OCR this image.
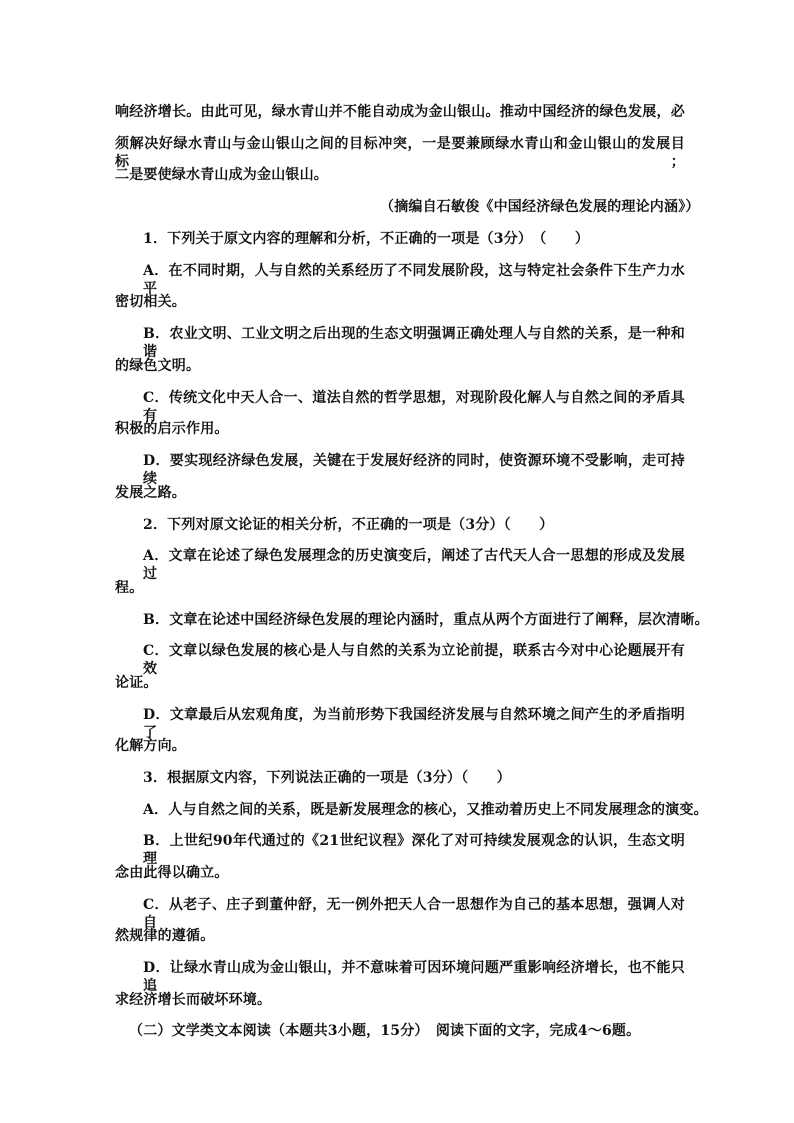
响经济增长。由此可见，绿水青山并不能自动成为金山银山。推动中国经济的绿色发展，必
须解决好绿水青山与金山银山之间的目标冲突，一是要兼顾绿水青山和金山银山的发展目标；
二是要使绿水青山成为金山银山。
（摘编自石敏俊《中国经济绿色发展的理论内涵》）
1．下列关于原文内容的理解和分析，不正确的一项是（3分）　（　　）
A．在不同时期，人与自然的关系经历了不同发展阶段，这与特定社会条件下生产力水平
密切相关。
B．农业文明、工业文明之后出现的生态文明强调正确处理人与自然的关系，是一种和谐
的绿色文明。
C．传统文化中天人合一、道法自然的哲学思想，对现阶段化解人与自然之间的矛盾具有
积极的启示作用。
D．要实现经济绿色发展，关键在于发展好经济的同时，使资源环境不受影响，走可持续
发展之路。
2．下列对原文论证的相关分析，不正确的一项是（3分）（　　）
A．文章在论述了绿色发展理念的历史演变后，阐述了古代天人合一思想的形成及发展过
程。
B．文章在论述中国经济绿色发展的理论内涵时，重点从两个方面进行了阐释，层次清晰。
C．文章以绿色发展的核心是人与自然的关系为立论前提，联系古今对中心论题展开有效
论证。
D．文章最后从宏观角度，为当前形势下我国经济发展与自然环境之间产生的矛盾指明了
化解方向。
3．根据原文内容，下列说法正确的一项是（3分）（　　）
A．人与自然之间的关系，既是新发展理念的核心，又推动着历史上不同发展理念的演变。
B．上世纪90年代通过的《21世纪议程》深化了对可持续发展观念的认识，生态文明理
念由此得以确立。
C．从老子、庄子到董仲舒，无一例外把天人合一思想作为自己的基本思想，强调人对自
然规律的遵循。
D．让绿水青山成为金山银山，并不意味着可因环境问题严重影响经济增长，也不能只追
求经济增长而破坏环境。
（二）文学类文本阅读（本题共3小题，15分）　阅读下面的文字，完成4～6题。
